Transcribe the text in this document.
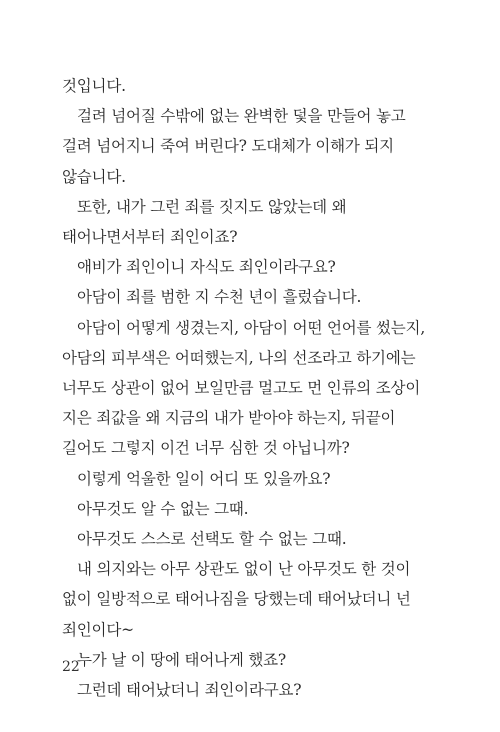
것입니다.

걸려 넘어질 수밖에 없는 완벽한 덫을 만들어 놓고 걸려 넘어지니 죽여 버린다? 도대체가 이해가 되지 않습니다.

또한, 내가 그런 죄를 짓지도 않았는데 왜 태어나면서부터 죄인이죠?

애비가 죄인이니 자식도 죄인이라구요?

아담이 죄를 범한 지 수천 년이 흘렀습니다.

아담이 어떻게 생겼는지, 아담이 어떤 언어를 썼는지, 아담의 피부색은 어떠했는지, 나의 선조라고 하기에는 너무도 상관이 없어 보일만큼 멀고도 먼 인류의 조상이 지은 죄값을 왜 지금의 내가 받아야 하는지, 뒤끝이 길어도 그렇지 이건 너무 심한 것 아닙니까?

이렇게 억울한 일이 어디 또 있을까요?

아무것도 알 수 없는 그때.

아무것도 스스로 선택도 할 수 없는 그때.

내 의지와는 아무 상관도 없이 난 아무것도 한 것이 없이 일방적으로 태어나짐을 당했는데 태어났더니 넌 죄인이다~

누가 날 이 땅에 태어나게 했죠?

그런데 태어났더니 죄인이라구요?

22
